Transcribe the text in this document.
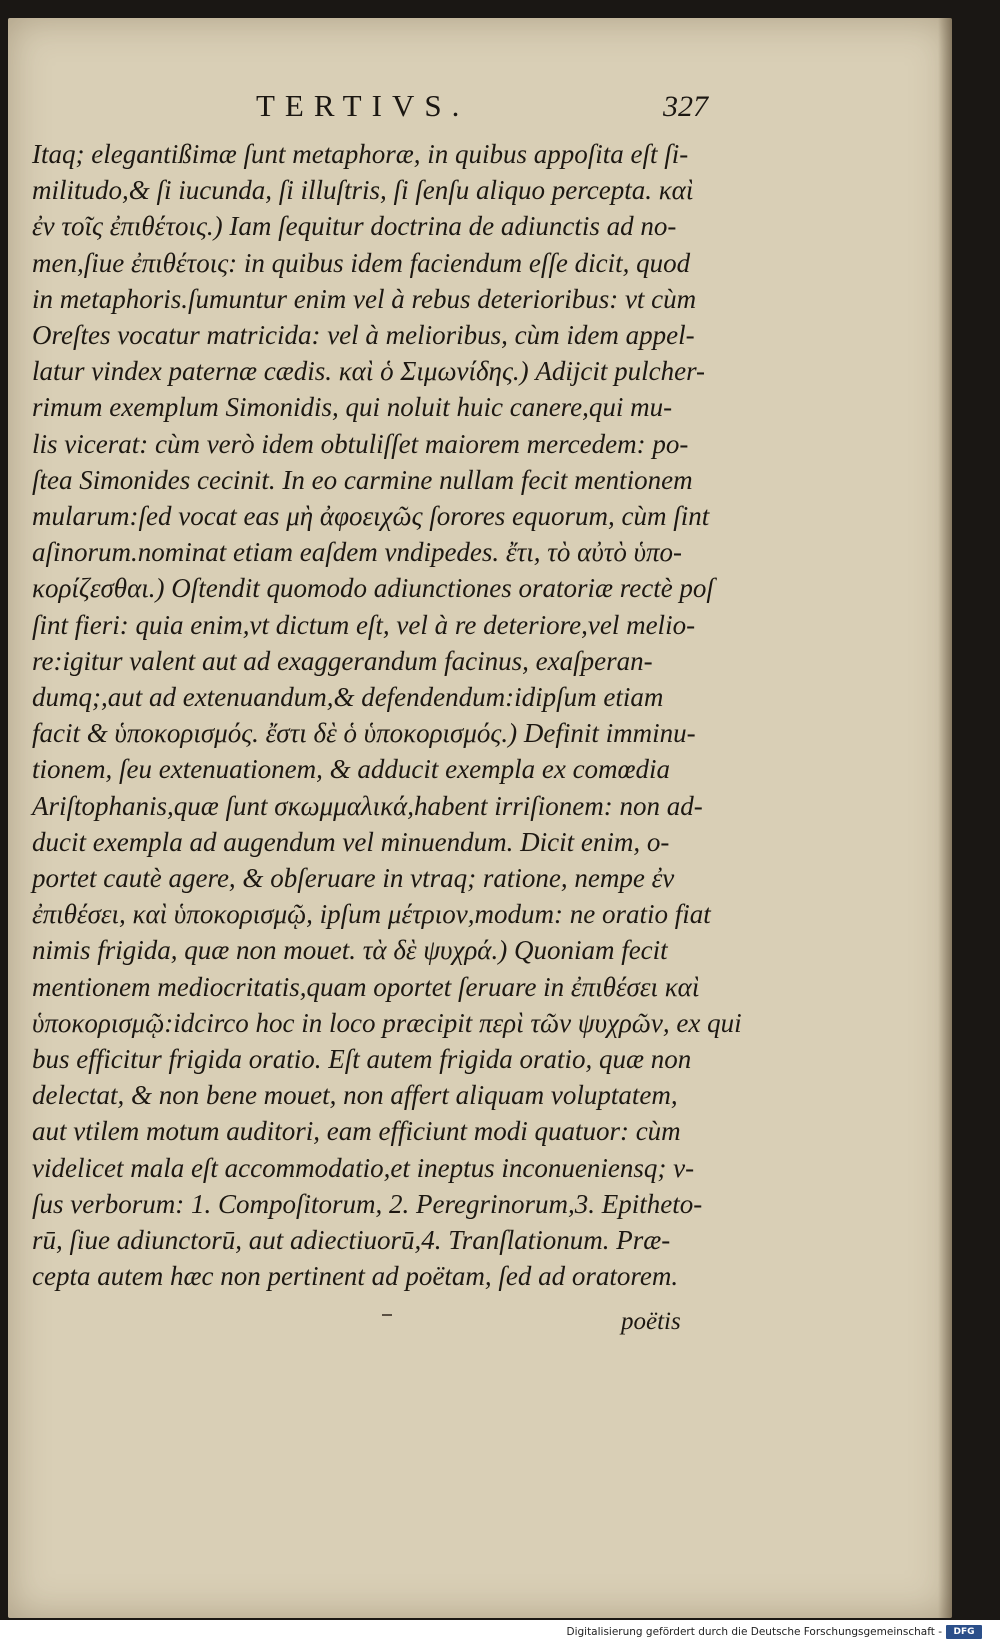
TERTIVS.	327
Itaq; elegantißimæ ſunt metaphoræ, in quibus appoſita eſt ſi-
militudo,& ſi iucunda, ſi illuſtris, ſi ſenſu aliquo percepta. καὶ
ἐν τοῖς ἐπιθέτοις.) Iam ſequitur doctrina de adiunctis ad no-
men,ſiue ἐπιθέτοις: in quibus idem faciendum eſſe dicit, quod
in metaphoris.ſumuntur enim vel à rebus deterioribus: vt cùm
Oreſtes vocatur matricida: vel à melioribus, cùm idem appel-
latur vindex paternæ cædis. καὶ ὁ Σιμωνίδης.) Adijcit pulcher-
rimum exemplum Simonidis, qui noluit huic canere,qui mu-
lis vicerat: cùm verò idem obtuliſſet maiorem mercedem: po-
ſtea Simonides cecinit. In eo carmine nullam fecit mentionem
mularum:ſed vocat eas μὴ ἀφοειχῶς ſorores equorum, cùm ſint
aſinorum.nominat etiam eaſdem vndipedes. ἔτι, τὸ αὐτὸ ὑπο-
κορίζεσθαι.) Oſtendit quomodo adiunctiones oratoriæ rectè poſ
ſint fieri: quia enim,vt dictum eſt, vel à re deteriore,vel melio-
re:igitur valent aut ad exaggerandum facinus, exaſperan-
dumq;,aut ad extenuandum,& defendendum:idipſum etiam
facit & ὑποκορισμός. ἔστι δὲ ὁ ὑποκορισμός.) Definit imminu-
tionem, ſeu extenuationem, & adducit exempla ex comœdia
Ariſtophanis,quæ ſunt σκωμμαλικά,habent irriſionem: non ad-
ducit exempla ad augendum vel minuendum. Dicit enim, o-
portet cautè agere, & obſeruare in vtraq; ratione, nempe ἐν
ἐπιθέσει, καὶ ὑποκορισμῷ, ipſum μέτριον,modum: ne oratio fiat
nimis frigida, quæ non mouet. τὰ δὲ ψυχρά.) Quoniam fecit
mentionem mediocritatis,quam oportet ſeruare in ἐπιθέσει καὶ
ὑποκορισμῷ:idcirco hoc in loco præcipit περὶ τῶν ψυχρῶν, ex qui
bus efficitur frigida oratio. Eſt autem frigida oratio, quæ non
delectat, & non bene mouet, non affert aliquam voluptatem,
aut vtilem motum auditori, eam efficiunt modi quatuor: cùm
videlicet mala eſt accommodatio,et ineptus inconueniensq; v-
ſus verborum: 1. Compoſitorum, 2. Peregrinorum,3. Epitheto-
rū, ſiue adiunctorū, aut adiectiuorū,4. Tranſlationum. Præ-
cepta autem hæc non pertinent ad poëtam, ſed ad oratorem.
poëtis
Digitalisierung gefördert durch die Deutsche Forschungsgemeinschaft -	DFG
